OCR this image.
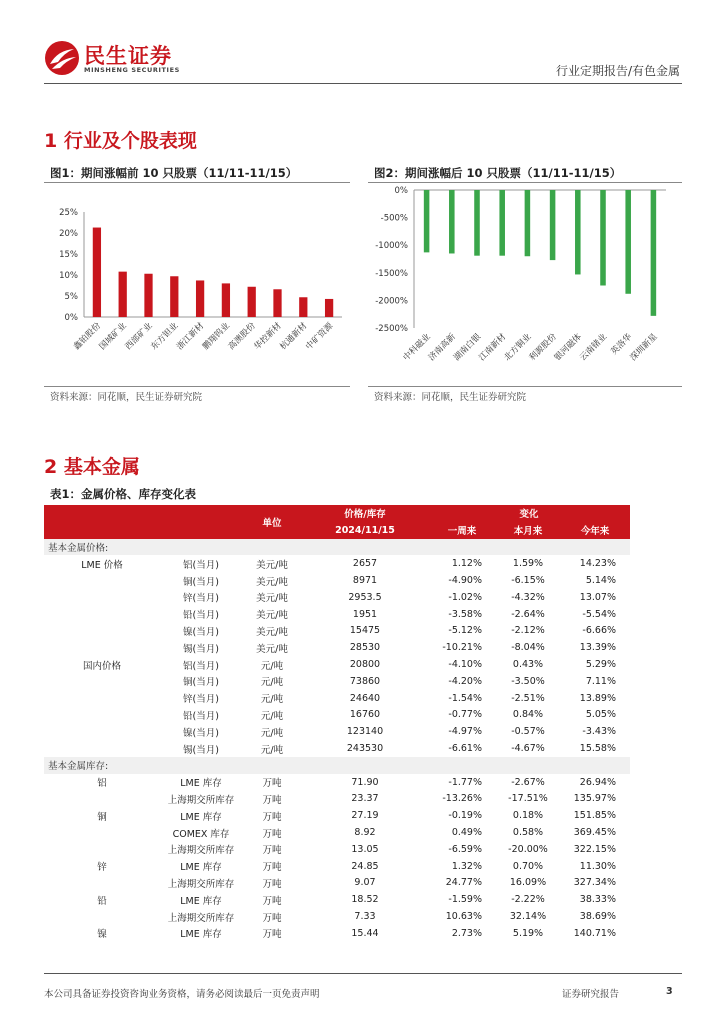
民生证券
MINSHENG SECURITIES	行业定期报告/有色金属
1 行业及个股表现
图1：期间涨幅前 10 只股票（11/11-11/15）
0%
5%
10%
15%
20%
25%
鑫铂股份
国城矿业
西部矿业
东方钽业
浙江新材
鹏翔钨业
高澳股份
华控新材
杭通新材
中矿资源
资料来源：同花顺，民生证券研究院
图2：期间涨幅后 10 只股票（11/11-11/15）
0%
-500%
-1000%
-1500%
-2000%
-2500%
中科磁业
济南高新
湖南白银
江南新材
北方铜业
利源股份
银河磁体
云南锗业 英洛华
深圳新星
资料来源：同花顺，民生证券研究院
2 基本金属
表1：金属价格、库存变化表
		单位	价格/库存	变化		
			2024/11/15	一周来	本月来	今年来
基本金属价格:						
LME 价格	铝(当月)	美元/吨	2657	1.12%	1.59%	14.23%
	铜(当月)	美元/吨	8971	-4.90%	-6.15%	5.14%
	锌(当月)	美元/吨	2953.5	-1.02%	-4.32%	13.07%
	铅(当月)	美元/吨	1951	-3.58%	-2.64%	-5.54%
	镍(当月)	美元/吨	15475	-5.12%	-2.12%	-6.66%
	锡(当月)	美元/吨	28530	-10.21%	-8.04%	13.39%
国内价格	铝(当月)	元/吨	20800	-4.10%	0.43%	5.29%
	铜(当月)	元/吨	73860	-4.20%	-3.50%	7.11%
	锌(当月)	元/吨	24640	-1.54%	-2.51%	13.89%
	铅(当月)	元/吨	16760	-0.77%	0.84%	5.05%
	镍(当月)	元/吨	123140	-4.97%	-0.57%	-3.43%
	锡(当月)	元/吨	243530	-6.61%	-4.67%	15.58%
基本金属库存:						
铝	LME 库存	万吨	71.90	-1.77%	-2.67%	26.94%
	上海期交所库存	万吨	23.37	-13.26%	-17.51%	135.97%
铜	LME 库存	万吨	27.19	-0.19%	0.18%	151.85%
	COMEX 库存	万吨	8.92	0.49%	0.58%	369.45%
	上海期交所库存	万吨	13.05	-6.59%	-20.00%	322.15%
锌	LME 库存	万吨	24.85	1.32%	0.70%	11.30%
	上海期交所库存	万吨	9.07	24.77%	16.09%	327.34%
铅	LME 库存	万吨	18.52	-1.59%	-2.22%	38.33%
	上海期交所库存	万吨	7.33	10.63%	32.14%	38.69%
镍	LME 库存	万吨	15.44	2.73%	5.19%	140.71%
本公司具备证券投资咨询业务资格，请务必阅读最后一页免责声明	证券研究报告	3
